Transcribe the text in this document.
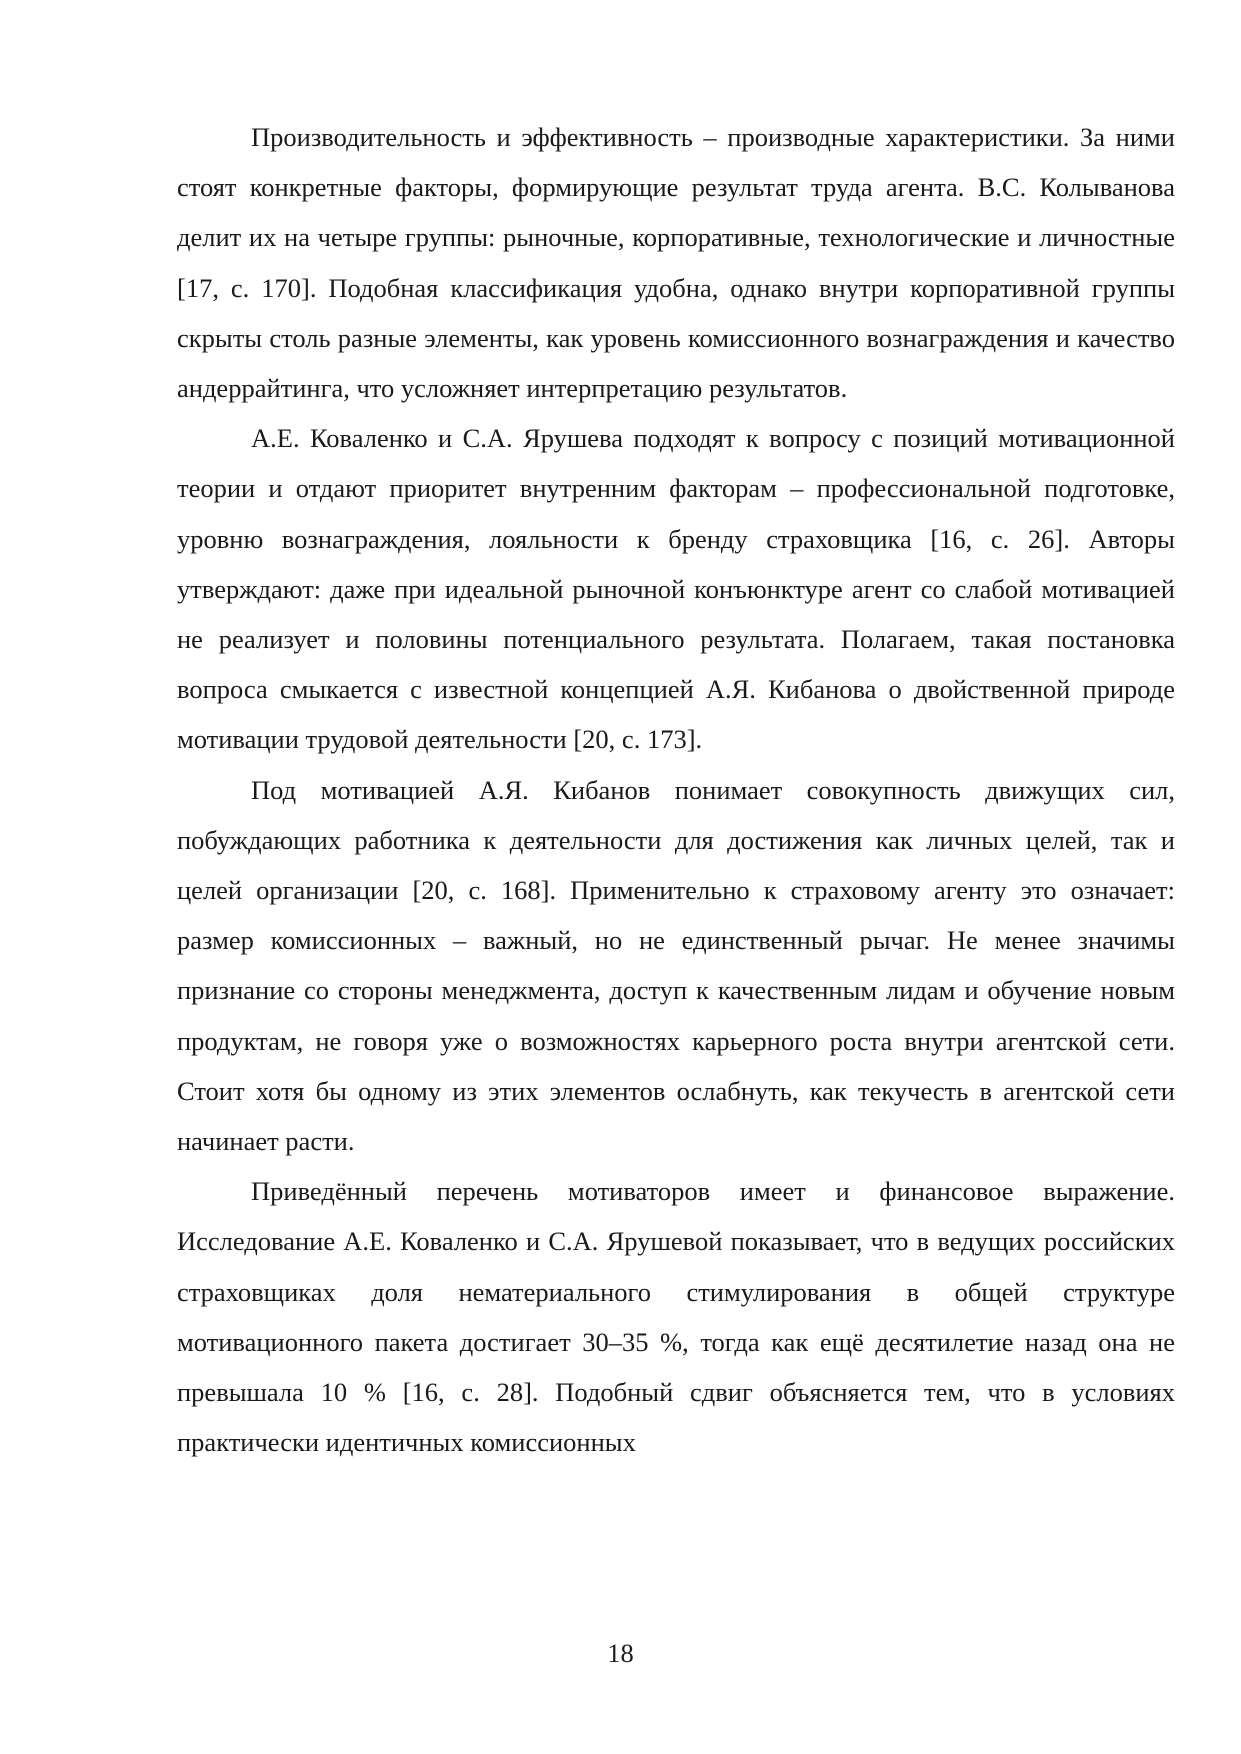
Производительность и эффективность – производные характеристики. За ними стоят конкретные факторы, формирующие результат труда агента. В.С. Колыванова делит их на четыре группы: рыночные, корпоративные, технологические и личностные [17, с. 170]. Подобная классификация удобна, однако внутри корпоративной группы скрыты столь разные элементы, как уровень комиссионного вознаграждения и качество андеррайтинга, что усложняет интерпретацию результатов.

А.Е. Коваленко и С.А. Ярушева подходят к вопросу с позиций мотивационной теории и отдают приоритет внутренним факторам – профессиональной подготовке, уровню вознаграждения, лояльности к бренду страховщика [16, с. 26]. Авторы утверждают: даже при идеальной рыночной конъюнктуре агент со слабой мотивацией не реализует и половины потенциального результата. Полагаем, такая постановка вопроса смыкается с известной концепцией А.Я. Кибанова о двойственной природе мотивации трудовой деятельности [20, с. 173].

Под мотивацией А.Я. Кибанов понимает совокупность движущих сил, побуждающих работника к деятельности для достижения как личных целей, так и целей организации [20, с. 168]. Применительно к страховому агенту это означает: размер комиссионных – важный, но не единственный рычаг. Не менее значимы признание со стороны менеджмента, доступ к качественным лидам и обучение новым продуктам, не говоря уже о возможностях карьерного роста внутри агентской сети. Стоит хотя бы одному из этих элементов ослабнуть, как текучесть в агентской сети начинает расти.

Приведённый перечень мотиваторов имеет и финансовое выражение. Исследование А.Е. Коваленко и С.А. Ярушевой показывает, что в ведущих российских страховщиках доля нематериального стимулирования в общей структуре мотивационного пакета достигает 30–35 %, тогда как ещё десятилетие назад она не превышала 10 % [16, с. 28]. Подобный сдвиг объясняется тем, что в условиях практически идентичных комиссионных

18
